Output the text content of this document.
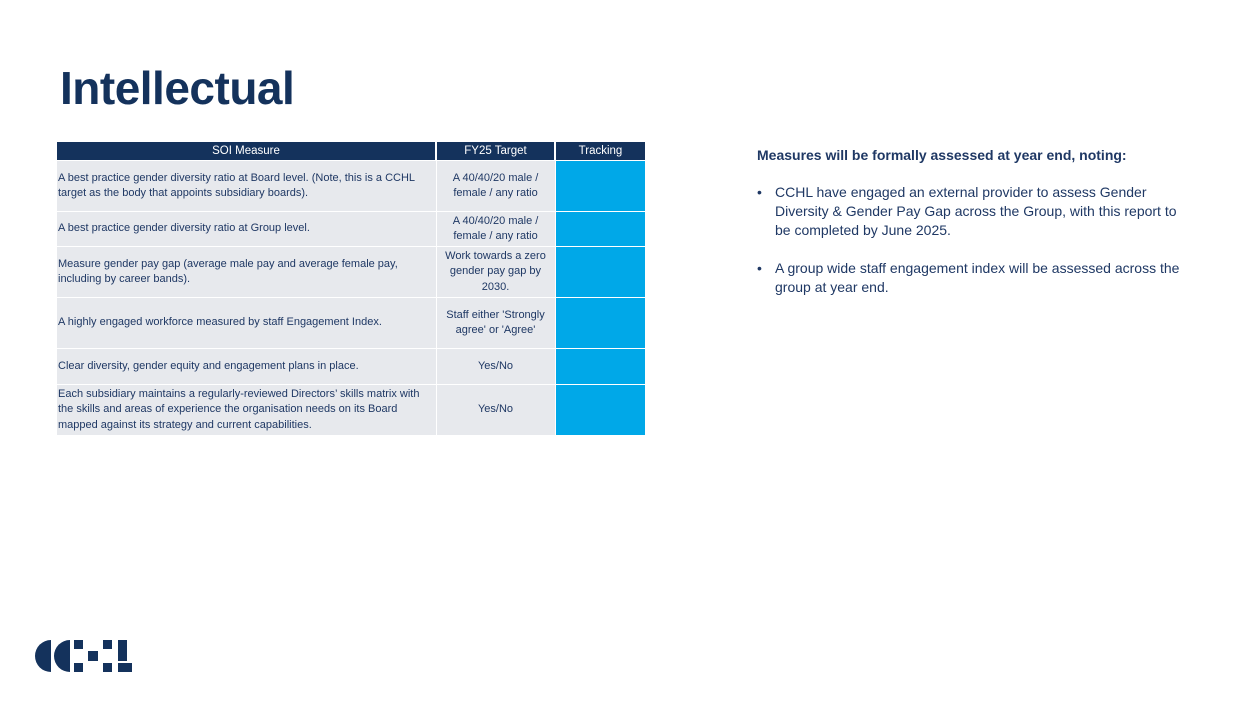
Intellectual
SOI Measure	FY25 Target	Tracking
A best practice gender diversity ratio at Board level. (Note, this is a CCHL target as the body that appoints subsidiary boards).	A 40/40/20 male / female / any ratio	
A best practice gender diversity ratio at Group level.	A 40/40/20 male / female / any ratio	
Measure gender pay gap (average male pay and average female pay, including by career bands).	Work towards a zero gender pay gap by 2030.	
A highly engaged workforce measured by staff Engagement Index.	Staff either 'Strongly agree' or 'Agree'	
Clear diversity, gender equity and engagement plans in place.	Yes/No	
Each subsidiary maintains a regularly-reviewed Directors’ skills matrix with the skills and areas of experience the organisation needs on its Board mapped against its strategy and current capabilities.	Yes/No	
Measures will be formally assessed at year end, noting:
• CCHL have engaged an external provider to assess Gender Diversity & Gender Pay Gap across the Group, with this report to be completed by June 2025.
• A group wide staff engagement index will be assessed across the group at year end.
